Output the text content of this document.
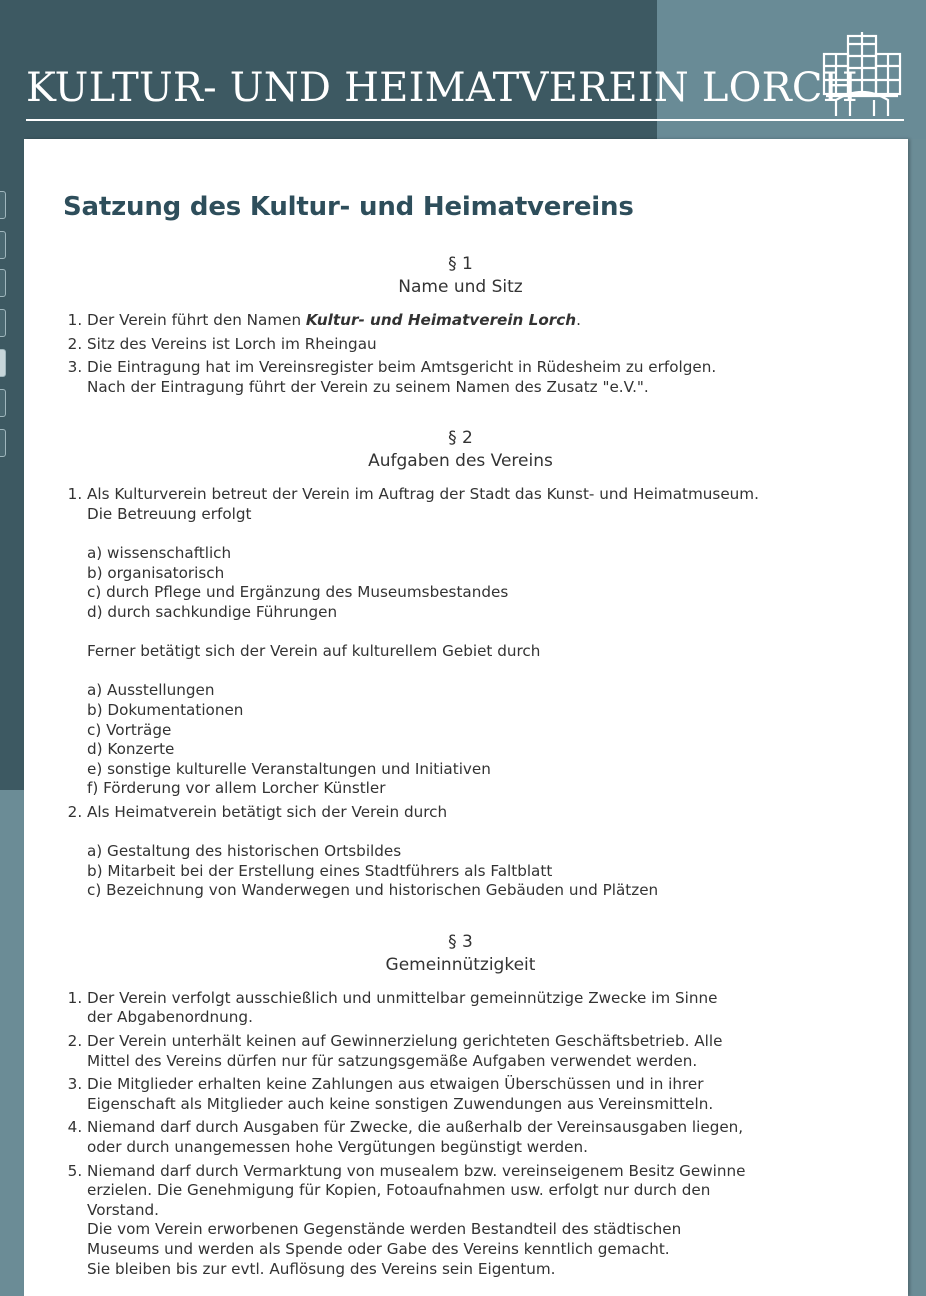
KULTUR- UND HEIMATVEREIN LORCH
Satzung des Kultur- und Heimatvereins
§ 1
Name und Sitz
1. Der Verein führt den Namen Kultur- und Heimatverein Lorch.
2. Sitz des Vereins ist Lorch im Rheingau
3. Die Eintragung hat im Vereinsregister beim Amtsgericht in Rüdesheim zu erfolgen.
Nach der Eintragung führt der Verein zu seinem Namen des Zusatz "e.V.".
§ 2
Aufgaben des Vereins
1. Als Kulturverein betreut der Verein im Auftrag der Stadt das Kunst- und Heimatmuseum.
Die Betreuung erfolgt
a) wissenschaftlich
b) organisatorisch
c) durch Pflege und Ergänzung des Museumsbestandes
d) durch sachkundige Führungen
Ferner betätigt sich der Verein auf kulturellem Gebiet durch
a) Ausstellungen
b) Dokumentationen
c) Vorträge
d) Konzerte
e) sonstige kulturelle Veranstaltungen und Initiativen
f) Förderung vor allem Lorcher Künstler
2. Als Heimatverein betätigt sich der Verein durch
a) Gestaltung des historischen Ortsbildes
b) Mitarbeit bei der Erstellung eines Stadtführers als Faltblatt
c) Bezeichnung von Wanderwegen und historischen Gebäuden und Plätzen
§ 3
Gemeinnützigkeit
1. Der Verein verfolgt ausschießlich und unmittelbar gemeinnützige Zwecke im Sinne
der Abgabenordnung.
2. Der Verein unterhält keinen auf Gewinnerzielung gerichteten Geschäftsbetrieb. Alle
Mittel des Vereins dürfen nur für satzungsgemäße Aufgaben verwendet werden.
3. Die Mitglieder erhalten keine Zahlungen aus etwaigen Überschüssen und in ihrer
Eigenschaft als Mitglieder auch keine sonstigen Zuwendungen aus Vereinsmitteln.
4. Niemand darf durch Ausgaben für Zwecke, die außerhalb der Vereinsausgaben liegen,
oder durch unangemessen hohe Vergütungen begünstigt werden.
5. Niemand darf durch Vermarktung von musealem bzw. vereinseigenem Besitz Gewinne
erzielen. Die Genehmigung für Kopien, Fotoaufnahmen usw. erfolgt nur durch den
Vorstand.
Die vom Verein erworbenen Gegenstände werden Bestandteil des städtischen
Museums und werden als Spende oder Gabe des Vereins kenntlich gemacht.
Sie bleiben bis zur evtl. Auflösung des Vereins sein Eigentum.
